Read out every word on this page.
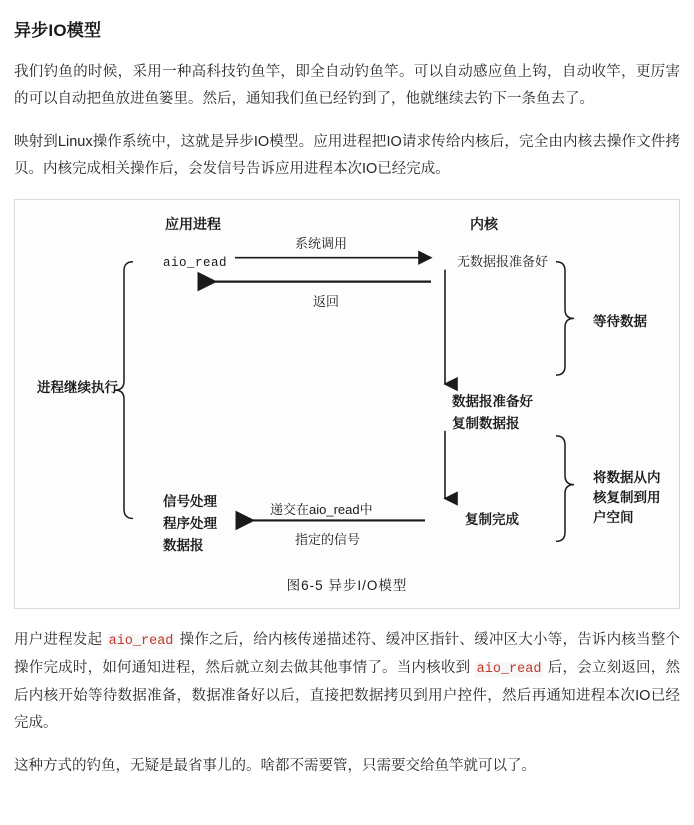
异步IO模型

我们钓鱼的时候，采用一种高科技钓鱼竿，即全自动钓鱼竿。可以自动感应鱼上钩，自动收竿，更厉害的可以自动把鱼放进鱼篓里。然后，通知我们鱼已经钓到了，他就继续去钓下一条鱼去了。

映射到Linux操作系统中，这就是异步IO模型。应用进程把IO请求传给内核后，完全由内核去操作文件拷贝。内核完成相关操作后，会发信号告诉应用进程本次IO已经完成。

应用进程	内核
系统调用
aio_read	无数据报准备好
返回
进程继续执行
等待数据
数据报准备好
复制数据报
将数据从内
核复制到用
户空间
信号处理
程序处理
数据报
递交在aio_read中
指定的信号
复制完成
图6-5 异步I/O模型

用户进程发起 aio_read 操作之后，给内核传递描述符、缓冲区指针、缓冲区大小等，告诉内核当整个操作完成时，如何通知进程，然后就立刻去做其他事情了。当内核收到 aio_read 后，会立刻返回，然后内核开始等待数据准备，数据准备好以后，直接把数据拷贝到用户控件，然后再通知进程本次IO已经完成。

这种方式的钓鱼，无疑是最省事儿的。啥都不需要管，只需要交给鱼竿就可以了。
